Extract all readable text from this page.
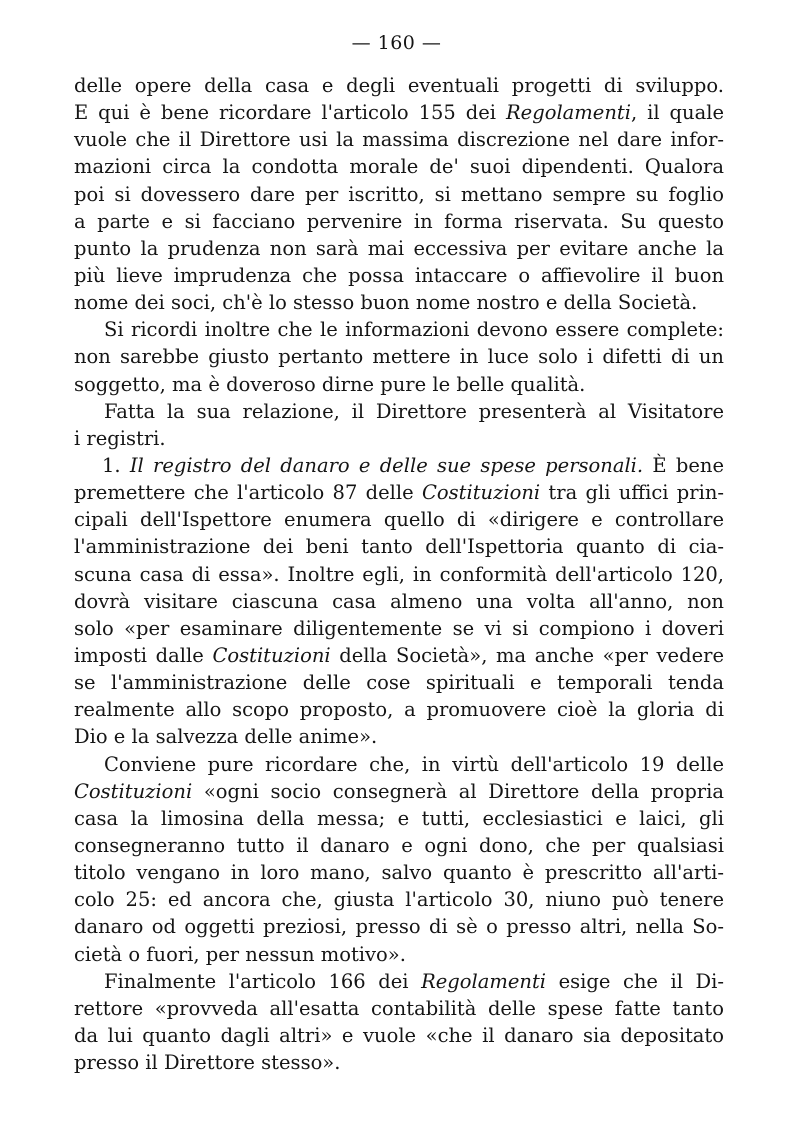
— 160 —
delle opere della casa e degli eventuali progetti di sviluppo.
E qui è bene ricordare l'articolo 155 dei Regolamenti, il quale
vuole che il Direttore usi la massima discrezione nel dare infor-
mazioni circa la condotta morale de' suoi dipendenti. Qualora
poi si dovessero dare per iscritto, si mettano sempre su foglio
a parte e si facciano pervenire in forma riservata. Su questo
punto la prudenza non sarà mai eccessiva per evitare anche la
più lieve imprudenza che possa intaccare o affievolire il buon
nome dei soci, ch'è lo stesso buon nome nostro e della Società.
Si ricordi inoltre che le informazioni devono essere complete:
non sarebbe giusto pertanto mettere in luce solo i difetti di un
soggetto, ma è doveroso dirne pure le belle qualità.
Fatta la sua relazione, il Direttore presenterà al Visitatore
i registri.
1. Il registro del danaro e delle sue spese personali. È bene
premettere che l'articolo 87 delle Costituzioni tra gli uffici prin-
cipali dell'Ispettore enumera quello di «dirigere e controllare
l'amministrazione dei beni tanto dell'Ispettoria quanto di cia-
scuna casa di essa». Inoltre egli, in conformità dell'articolo 120,
dovrà visitare ciascuna casa almeno una volta all'anno, non
solo «per esaminare diligentemente se vi si compiono i doveri
imposti dalle Costituzioni della Società», ma anche «per vedere
se l'amministrazione delle cose spirituali e temporali tenda
realmente allo scopo proposto, a promuovere cioè la gloria di
Dio e la salvezza delle anime».
Conviene pure ricordare che, in virtù dell'articolo 19 delle
Costituzioni «ogni socio consegnerà al Direttore della propria
casa la limosina della messa; e tutti, ecclesiastici e laici, gli
consegneranno tutto il danaro e ogni dono, che per qualsiasi
titolo vengano in loro mano, salvo quanto è prescritto all'arti-
colo 25: ed ancora che, giusta l'articolo 30, niuno può tenere
danaro od oggetti preziosi, presso di sè o presso altri, nella So-
cietà o fuori, per nessun motivo».
Finalmente l'articolo 166 dei Regolamenti esige che il Di-
rettore «provveda all'esatta contabilità delle spese fatte tanto
da lui quanto dagli altri» e vuole «che il danaro sia depositato
presso il Direttore stesso».
